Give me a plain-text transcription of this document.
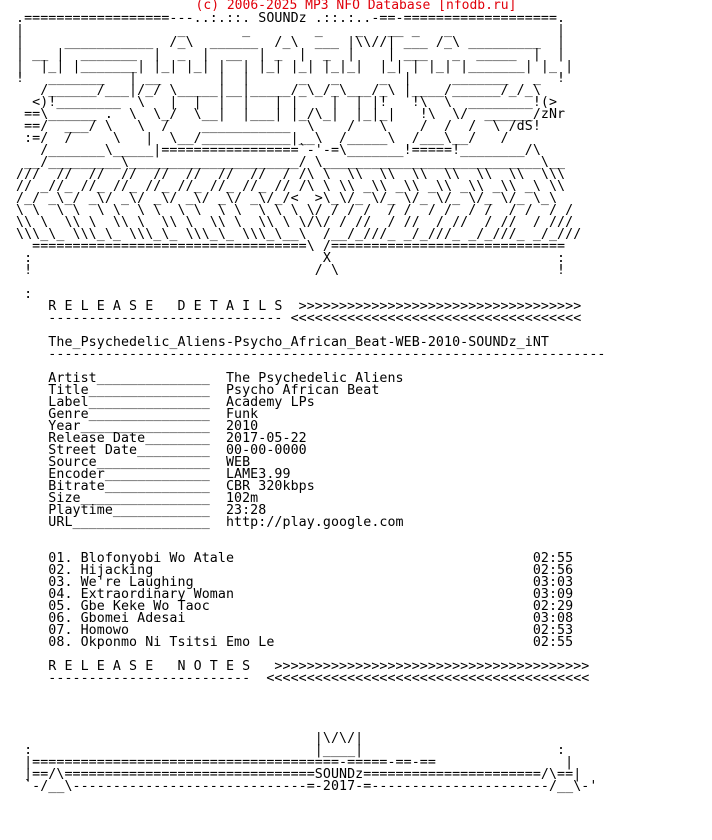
(c) 2006-2025 MP3 NFO Database [nfodb.ru]
.==================---..:.::. SOUNDz .::.:..-==-===================.
|                   _       _        _    _   __ _   _             |
|     ___________  /_\  ______  /_\  ___ |\\//| ___ /_\ _________  |
| __ |  _______  |  _  |  __  | _  |  _  |    | ___   _  _____  |  |
|  |_| |_______| |_| |_| |  | |_| |_| |_|_|  |_| | |_| |_______| |_ |
!   _______   | __       |  |      _   _     _  |     _______   _  !
/______/___|/_/ \_____|__|_____/_\_/_\___/_\ |____/______/_/_\
<)!________  \   |  |  |  |   | |    |  | |!   !\  \  ________!(>
==\______ .  \  \_/  \__|  |___| |_/\_|  |_|_|   !\  \/  ______/zNr
==/  ___/ \   \  /    ___________  \    /   \    /  /  /  \ /dS!
:=/  /     \   |  \__/___________|__\  /_____\  /___\__/   /
/_______\_____|=================`-'-=\_______!=====!________/\
__/_________\_____________________/ \___________________________\__
///  //  //  //  //  //  //  //  / /\ \  \\  \\  \\  \\  \\  \\  \\\
// _//_ //_ //_ //_ //_ //_ //_ // /\ \ \\ _\\ _\\ _\\ _\\ _\\ _\ \\
/_/ _\_/ _\/ _\/ _\/ _\/ _\/ _\/_/<  >\_\/_ \/_ \/_ \/_ \/_ \/_ \_\
\ \  \ \  \ \  \ \  \ \  \ \  \ \ \ \/ / / /  / /  / /  / /  / /  / /
\\ \  \\ \  \\ \  \\ \  \\ \  \\ \ \/\/ / //  / //  / //  / //  / ///
\\\_\_ \\\_\_ \\\_\_ \\\_\_ \\\_\__\  /__/_///_ _/_///_ _/_///_ _/_///
==================================\ /=============================
:                                    X                            :
!                                   / \                           !

:
R E L E A S E   D E T A I L S  >>>>>>>>>>>>>>>>>>>>>>>>>>>>>>>>>>>
----------------------------- <<<<<<<<<<<<<<<<<<<<<<<<<<<<<<<<<<<<

The_Psychedelic_Aliens-Psycho_African_Beat-WEB-2010-SOUNDz_iNT
---------------------------------------------------------------------

Artist______________  The Psychedelic Aliens
Title_______________  Psycho African Beat
Label_______________  Academy LPs
Genre_______________  Funk
Year________________  2010
Release Date________  2017-05-22
Street Date_________  00-00-0000
Source______________  WEB
Encoder_____________  LAME3.99
Bitrate_____________  CBR 320kbps
Size________________  102m
Playtime____________  23:28
URL_________________  http://play.google.com

01. Blofonyobi Wo Atale                                     02:55
02. Hijacking                                               02:56
03. We're Laughing                                          03:03
04. Extraordinary Woman                                     03:09
05. Gbe Keke Wo Taoc                                        02:29
06. Gbomei Adesai                                           03:08
07. Homowo                                                  02:53
08. Okponmo Ni Tsitsi Emo Le                                02:55

R E L E A S E   N O T E S   >>>>>>>>>>>>>>>>>>>>>>>>>>>>>>>>>>>>>>>
-------------------------  <<<<<<<<<<<<<<<<<<<<<<<<<<<<<<<<<<<<<<<<

|\/\/|
:                                   |____|                        :
|======================================-=====-==-==                |
|==/\===============================SOUNDz======================/\==|
`-/__\-----------------------------=-2017-=----------------------/__\-'
